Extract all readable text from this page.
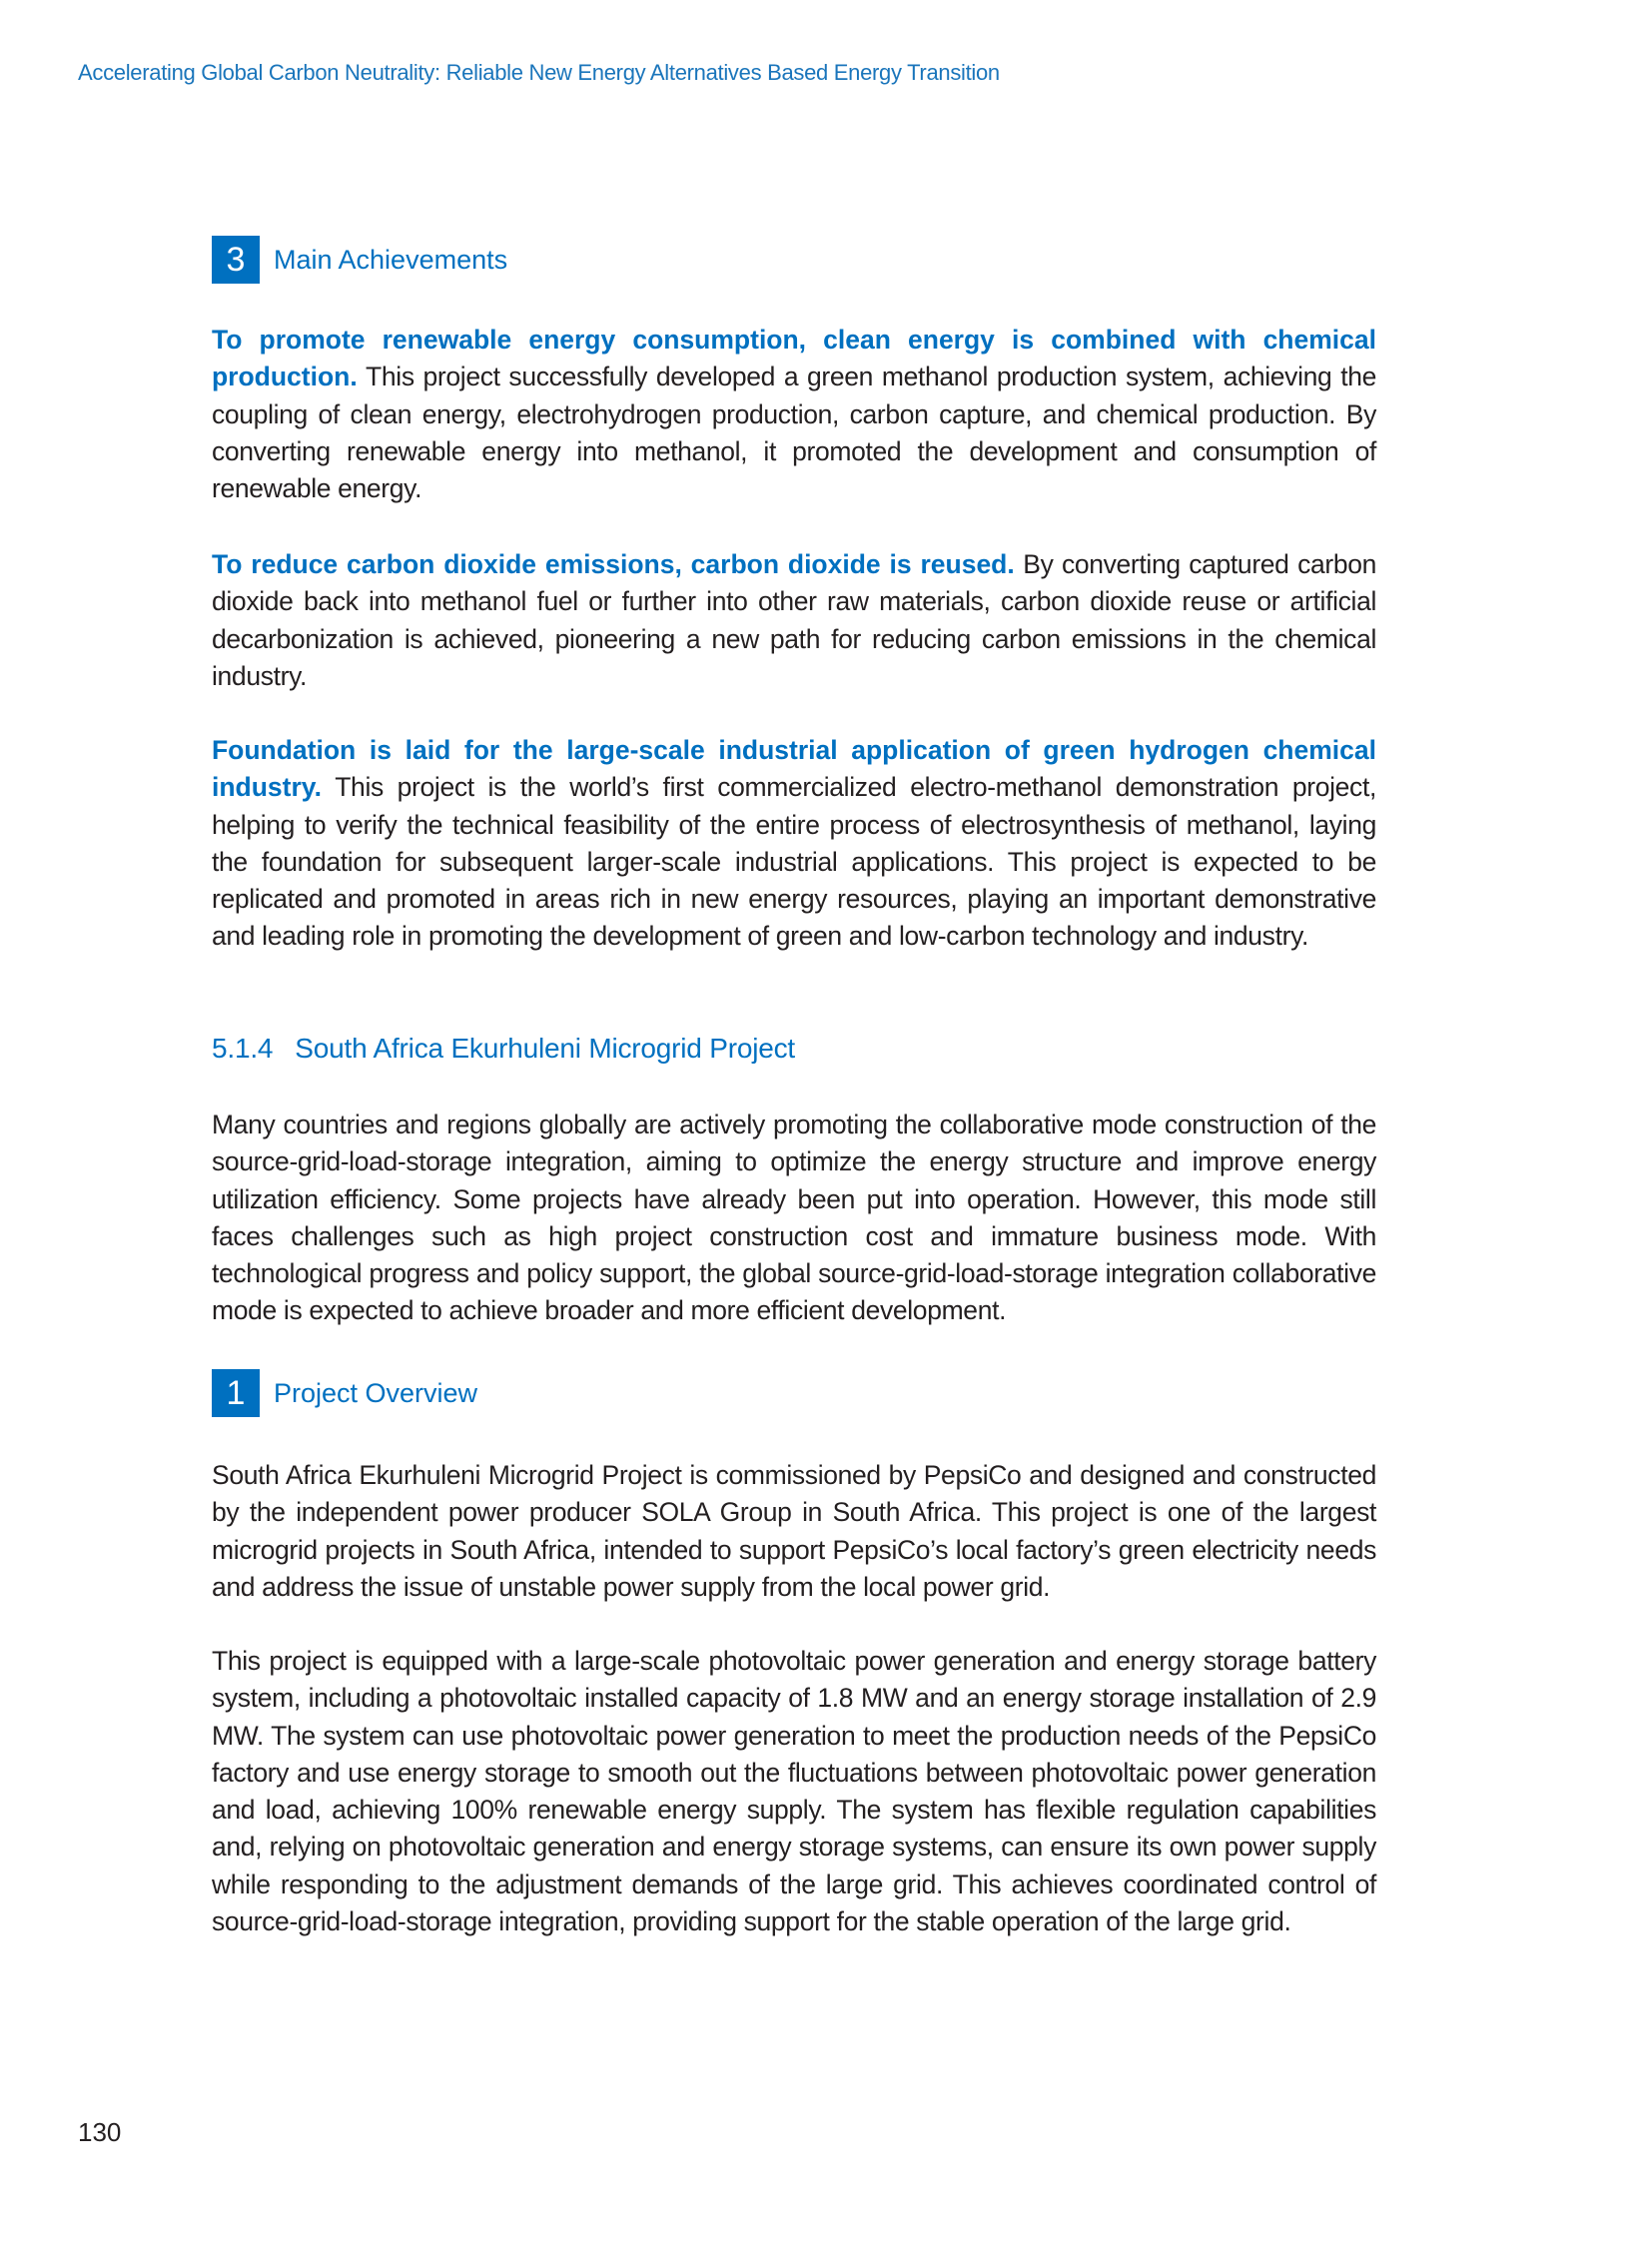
Accelerating Global Carbon Neutrality: Reliable New Energy Alternatives Based Energy Transition
3	Main Achievements

To promote renewable energy consumption, clean energy is combined with chemical production. This project successfully developed a green methanol production system, achieving the coupling of clean energy, electrohydrogen production, carbon capture, and chemical production. By converting renewable energy into methanol, it promoted the development and consumption of renewable energy.

To reduce carbon dioxide emissions, carbon dioxide is reused. By converting captured carbon dioxide back into methanol fuel or further into other raw materials, carbon dioxide reuse or artificial decarbonization is achieved, pioneering a new path for reducing carbon emissions in the chemical industry.

Foundation is laid for the large-scale industrial application of green hydrogen chemical industry. This project is the world’s first commercialized electro-methanol demonstration project, helping to verify the technical feasibility of the entire process of electrosynthesis of methanol, laying the foundation for subsequent larger-scale industrial applications. This project is expected to be replicated and promoted in areas rich in new energy resources, playing an important demonstrative and leading role in promoting the development of green and low-carbon technology and industry.

5.1.4 South Africa Ekurhuleni Microgrid Project

Many countries and regions globally are actively promoting the collaborative mode construction of the source-grid-load-storage integration, aiming to optimize the energy structure and improve energy utilization efficiency. Some projects have already been put into operation. However, this mode still faces challenges such as high project construction cost and immature business mode. With technological progress and policy support, the global source-grid-load-storage integration collaborative mode is expected to achieve broader and more efficient development.

1	Project Overview

South Africa Ekurhuleni Microgrid Project is commissioned by PepsiCo and designed and constructed by the independent power producer SOLA Group in South Africa. This project is one of the largest microgrid projects in South Africa, intended to support PepsiCo’s local factory’s green electricity needs and address the issue of unstable power supply from the local power grid.

This project is equipped with a large-scale photovoltaic power generation and energy storage battery system, including a photovoltaic installed capacity of 1.8 MW and an energy storage installation of 2.9 MW. The system can use photovoltaic power generation to meet the production needs of the PepsiCo factory and use energy storage to smooth out the fluctuations between photovoltaic power generation and load, achieving 100% renewable energy supply. The system has flexible regulation capabilities and, relying on photovoltaic generation and energy storage systems, can ensure its own power supply while responding to the adjustment demands of the large grid. This achieves coordinated control of source-grid-load-storage integration, providing support for the stable operation of the large grid.

130
